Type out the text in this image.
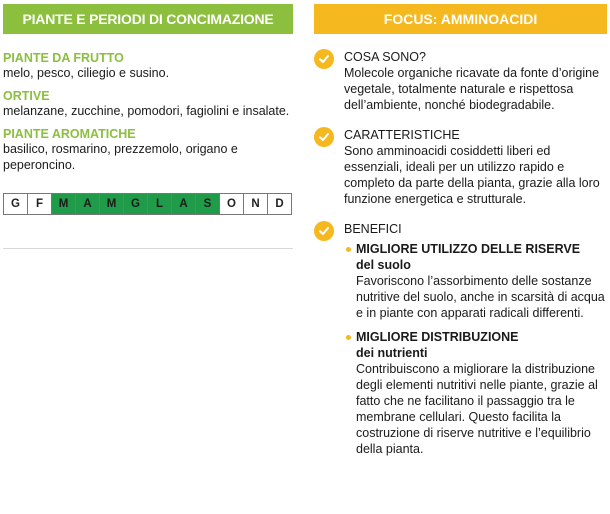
PIANTE E PERIODI DI CONCIMAZIONE
PIANTE DA FRUTTO
melo, pesco, ciliegio e susino.
ORTIVE
melanzane, zucchine, pomodori, fagiolini e insalate.
PIANTE AROMATICHE
basilico, rosmarino, prezzemolo, origano e peperoncino.
G	F	M	A	M	G	L	A	S	O	N	D
FOCUS: AMMINOACIDI
COSA SONO?
Molecole organiche ricavate da fonte d’origine vegetale, totalmente naturale e rispettosa dell’ambiente, nonché biodegradabile.
CARATTERISTICHE
Sono amminoacidi cosiddetti liberi ed essenziali, ideali per un utilizzo rapido e completo da parte della pianta, grazie alla loro funzione energetica e strutturale.
BENEFICI
MIGLIORE UTILIZZO DELLE RISERVE
del suolo
Favoriscono l’assorbimento delle sostanze nutritive del suolo, anche in scarsità di acqua e in piante con apparati radicali differenti.
MIGLIORE DISTRIBUZIONE
dei nutrienti
Contribuiscono a migliorare la distribuzione degli elementi nutritivi nelle piante, grazie al fatto che ne facilitano il passaggio tra le membrane cellulari. Questo facilita la costruzione di riserve nutritive e l’equilibrio della pianta.
